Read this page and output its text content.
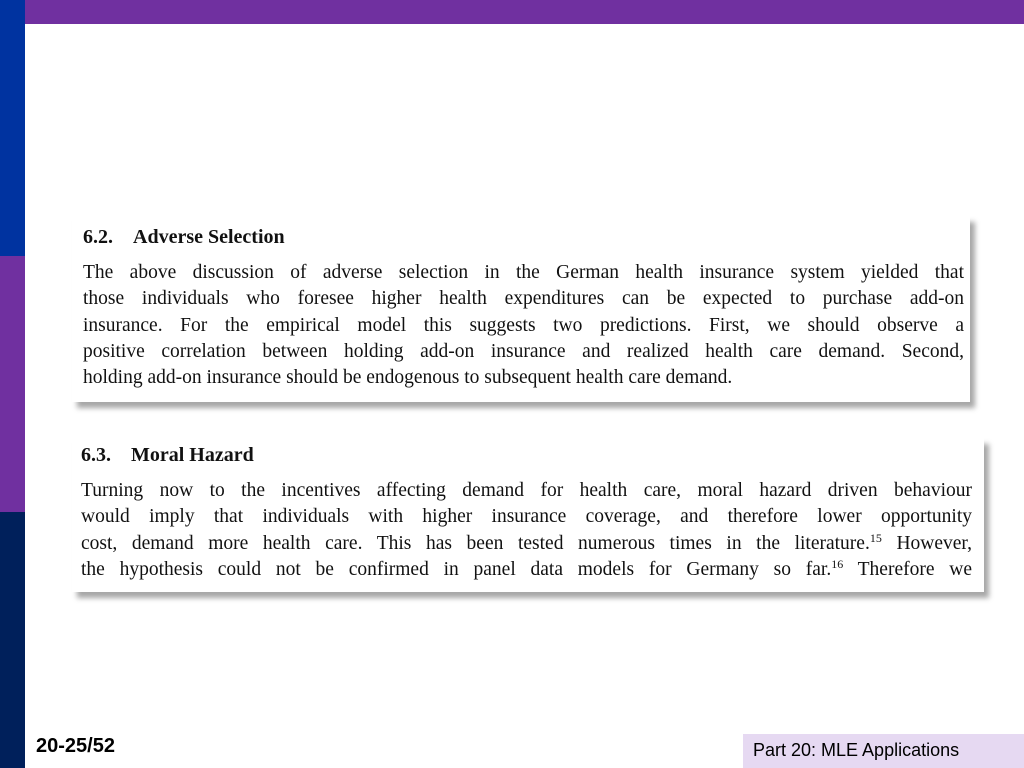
6.2. Adverse Selection

The above discussion of adverse selection in the German health insurance system yielded that
those individuals who foresee higher health expenditures can be expected to purchase add-on
insurance. For the empirical model this suggests two predictions. First, we should observe a
positive correlation between holding add-on insurance and realized health care demand. Second,
holding add-on insurance should be endogenous to subsequent health care demand.

6.3. Moral Hazard

Turning now to the incentives affecting demand for health care, moral hazard driven behaviour
would imply that individuals with higher insurance coverage, and therefore lower opportunity
cost, demand more health care. This has been tested numerous times in the literature.$^{15}$ However,
the hypothesis could not be confirmed in panel data models for Germany so far.$^{16}$ Therefore we

20-25/52	Part 20: MLE Applications
